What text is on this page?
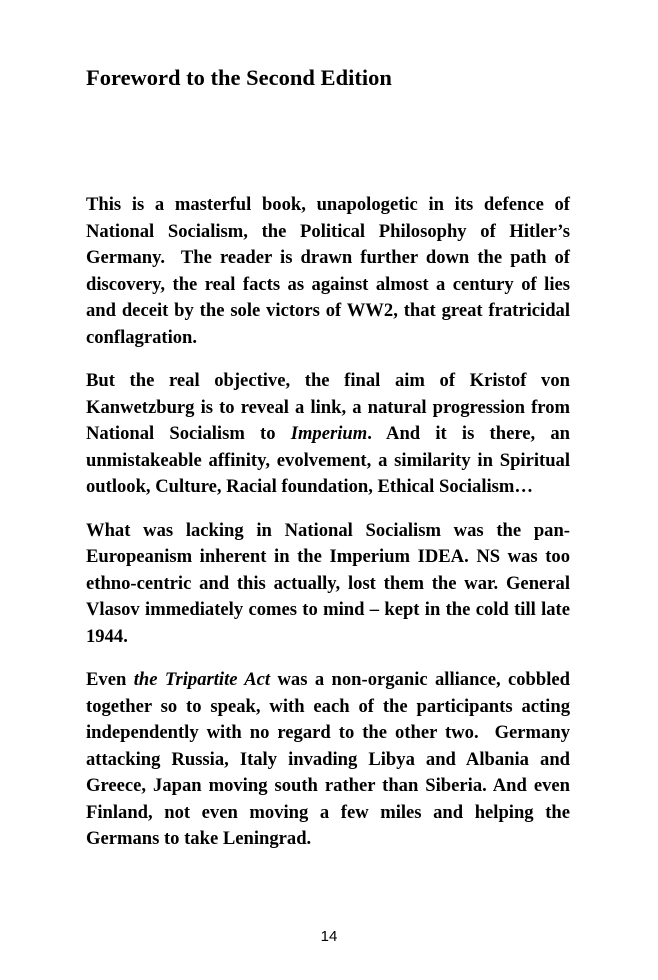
Foreword to the Second Edition

This is a masterful book, unapologetic in its defence of National Socialism, the Political Philosophy of Hitler’s Germany.  The reader is drawn further down the path of discovery, the real facts as against almost a century of lies and deceit by the sole victors of WW2, that great fratricidal conflagration.

But the real objective, the final aim of Kristof von Kanwetzburg is to reveal a link, a natural progression from National Socialism to Imperium. And it is there, an unmistakeable affinity, evolvement, a similarity in Spiritual outlook, Culture, Racial foundation, Ethical Socialism…

What was lacking in National Socialism was the pan-Europeanism inherent in the Imperium IDEA. NS was too ethno-centric and this actually, lost them the war. General Vlasov immediately comes to mind – kept in the cold till late 1944.

Even the Tripartite Act was a non-organic alliance, cobbled together so to speak, with each of the participants acting independently with no regard to the other two.  Germany attacking Russia, Italy invading Libya and Albania and Greece, Japan moving south rather than Siberia. And even Finland, not even moving a few miles and helping the Germans to take Leningrad.

14
